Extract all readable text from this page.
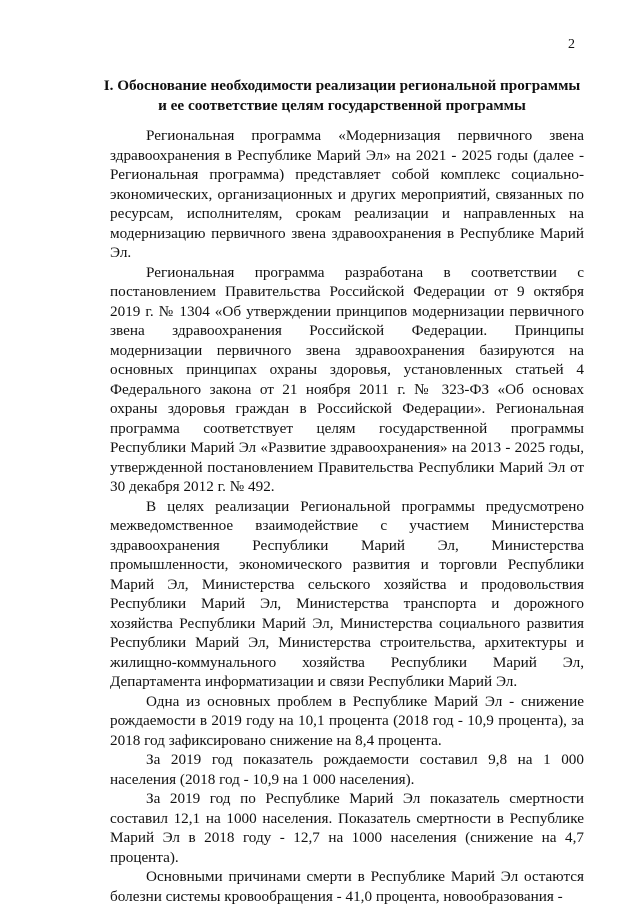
2
I. Обоснование необходимости реализации региональной программы и ее соответствие целям государственной программы

Региональная программа «Модернизация первичного звена здравоохранения в Республике Марий Эл» на 2021 - 2025 годы (далее - Региональная программа) представляет собой комплекс социально-экономических, организационных и других мероприятий, связанных по ресурсам, исполнителям, срокам реализации и направленных на модернизацию первичного звена здравоохранения в Республике Марий Эл.

Региональная программа разработана в соответствии с постановлением Правительства Российской Федерации от 9 октября 2019 г. № 1304 «Об утверждении принципов модернизации первичного звена здравоохранения Российской Федерации. Принципы модернизации первичного звена здравоохранения базируются на основных принципах охраны здоровья, установленных статьей 4 Федерального закона от 21 ноября 2011 г. № 323-ФЗ «Об основах охраны здоровья граждан в Российской Федерации». Региональная программа соответствует целям государственной программы Республики Марий Эл «Развитие здравоохранения» на 2013 - 2025 годы, утвержденной постановлением Правительства Республики Марий Эл от 30 декабря 2012 г. № 492.

В целях реализации Региональной программы предусмотрено межведомственное взаимодействие с участием Министерства здравоохранения Республики Марий Эл, Министерства промышленности, экономического развития и торговли Республики Марий Эл, Министерства сельского хозяйства и продовольствия Республики Марий Эл, Министерства транспорта и дорожного хозяйства Республики Марий Эл, Министерства социального развития Республики Марий Эл, Министерства строительства, архитектуры и жилищно-коммунального хозяйства Республики Марий Эл, Департамента информатизации и связи Республики Марий Эл.

Одна из основных проблем в Республике Марий Эл - снижение рождаемости в 2019 году на 10,1 процента (2018 год - 10,9 процента), за 2018 год зафиксировано снижение на 8,4 процента.

За 2019 год показатель рождаемости составил 9,8 на 1 000 населения (2018 год - 10,9 на 1 000 населения).

За 2019 год по Республике Марий Эл показатель смертности составил 12,1 на 1000 населения. Показатель смертности в Республике Марий Эл в 2018 году - 12,7 на 1000 населения (снижение на 4,7 процента).

Основными причинами смерти в Республике Марий Эл остаются болезни системы кровообращения - 41,0 процента, новообразования -
